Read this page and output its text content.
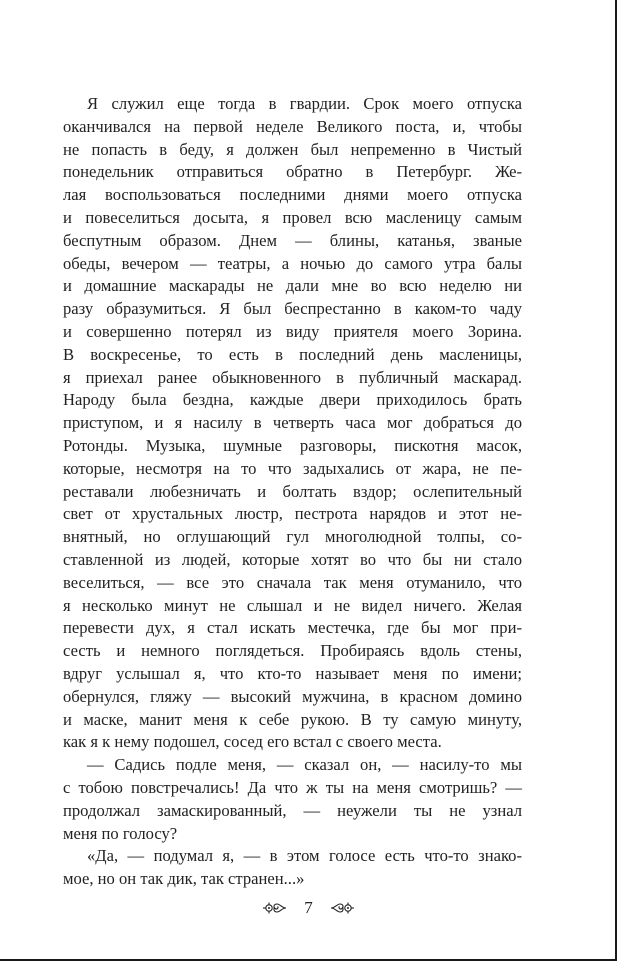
Я служил еще тогда в гвардии. Срок моего отпуска
оканчивался на первой неделе Великого поста, и, чтобы
не попасть в беду, я должен был непременно в Чистый
понедельник отправиться обратно в Петербург. Же-
лая воспользоваться последними днями моего отпуска
и повеселиться досыта, я провел всю масленицу самым
беспутным образом. Днем — блины, катанья, званые
обеды, вечером — театры, а ночью до самого утра балы
и домашние маскарады не дали мне во всю неделю ни
разу образумиться. Я был беспрестанно в каком-то чаду
и совершенно потерял из виду приятеля моего Зорина.
В воскресенье, то есть в последний день масленицы,
я приехал ранее обыкновенного в публичный маскарад.
Народу была бездна, каждые двери приходилось брать
приступом, и я насилу в четверть часа мог добраться до
Ротонды. Музыка, шумные разговоры, пискотня масок,
которые, несмотря на то что задыхались от жара, не пе-
реставали любезничать и болтать вздор; ослепительный
свет от хрустальных люстр, пестрота нарядов и этот не-
внятный, но оглушающий гул многолюдной толпы, со-
ставленной из людей, которые хотят во что бы ни стало
веселиться, — все это сначала так меня отуманило, что
я несколько минут не слышал и не видел ничего. Желая
перевести дух, я стал искать местечка, где бы мог при-
сесть и немного поглядеться. Пробираясь вдоль стены,
вдруг услышал я, что кто-то называет меня по имени;
обернулся, гляжу — высокий мужчина, в красном домино
и маске, манит меня к себе рукою. В ту самую минуту,
как я к нему подошел, сосед его встал с своего места.
— Садись подле меня, — сказал он, — насилу-то мы
с тобою повстречались! Да что ж ты на меня смотришь? —
продолжал замаскированный, — неужели ты не узнал
меня по голосу?
«Да, — подумал я, — в этом голосе есть что-то знако-
мое, но он так дик, так странен...»
7
